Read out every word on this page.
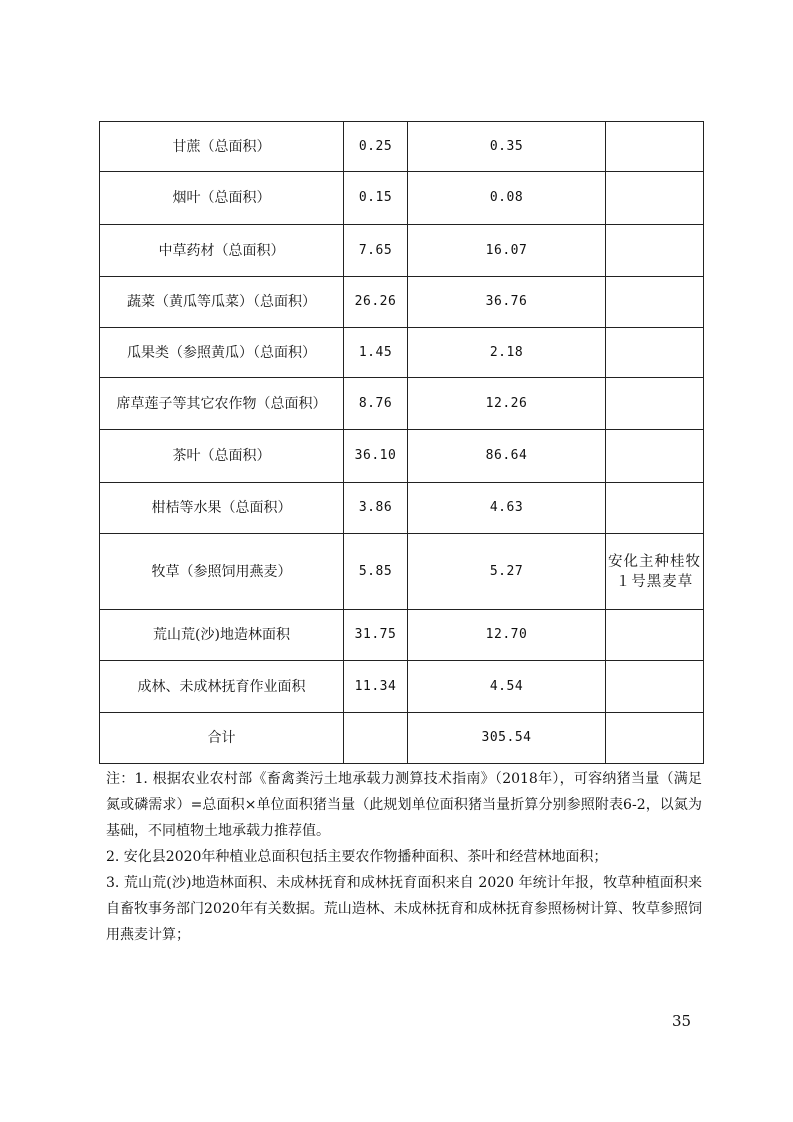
甘蔗（总面积）	0.25	0.35	
烟叶（总面积）	0.15	0.08	
中草药材（总面积）	7.65	16.07	
蔬菜（黄瓜等瓜菜）（总面积）	26.26	36.76	
瓜果类（参照黄瓜）（总面积）	1.45	2.18	
席草莲子等其它农作物（总面积）	8.76	12.26	
茶叶（总面积）	36.10	86.64	
柑桔等水果（总面积）	3.86	4.63	
牧草（参照饲用燕麦）	5.85	5.27	安化主种桂牧１号黑麦草
荒山荒(沙)地造林面积	31.75	12.70	
成林、未成林抚育作业面积	11.34	4.54	
合计		305.54	

注：1. 根据农业农村部《畜禽粪污土地承载力测算技术指南》（2018年），可容纳猪当量（满足氮或磷需求）=总面积×单位面积猪当量（此规划单位面积猪当量折算分别参照附表6-2，以氮为基础，不同植物土地承载力推荐值。

2. 安化县2020年种植业总面积包括主要农作物播种面积、茶叶和经营林地面积；

3. 荒山荒(沙)地造林面积、未成林抚育和成林抚育面积来自 2020 年统计年报，牧草种植面积来自畜牧事务部门2020年有关数据。荒山造林、未成林抚育和成林抚育参照杨树计算、牧草参照饲用燕麦计算；

35
